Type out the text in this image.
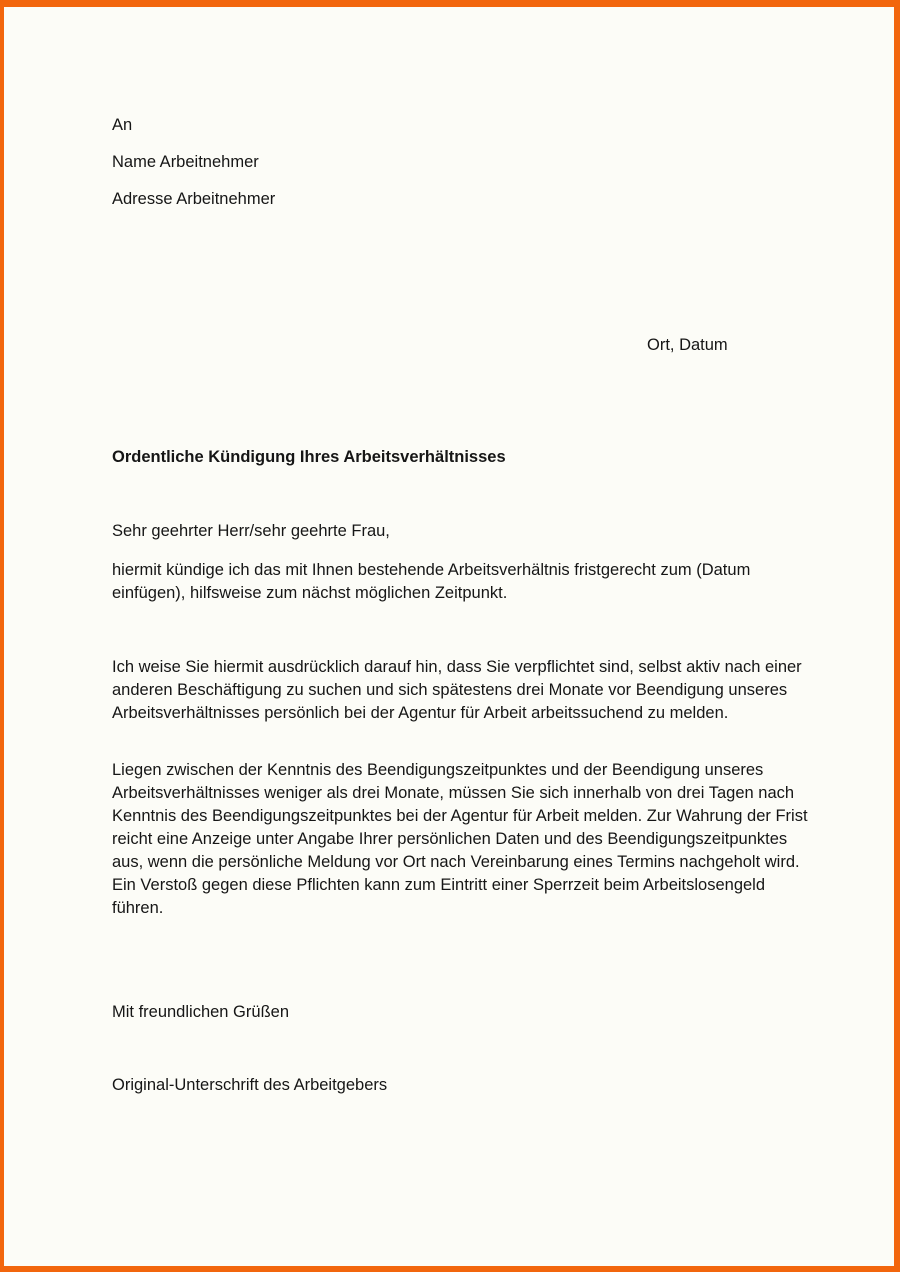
An
Name Arbeitnehmer
Adresse Arbeitnehmer
Ort, Datum
Ordentliche Kündigung Ihres Arbeitsverhältnisses
Sehr geehrter Herr/sehr geehrte Frau,
hiermit kündige ich das mit Ihnen bestehende Arbeitsverhältnis fristgerecht zum (Datum einfügen), hilfsweise zum nächst möglichen Zeitpunkt.
Ich weise Sie hiermit ausdrücklich darauf hin, dass Sie verpflichtet sind, selbst aktiv nach einer anderen Beschäftigung zu suchen und sich spätestens drei Monate vor Beendigung unseres Arbeitsverhältnisses persönlich bei der Agentur für Arbeit arbeitssuchend zu melden.
Liegen zwischen der Kenntnis des Beendigungszeitpunktes und der Beendigung unseres Arbeitsverhältnisses weniger als drei Monate, müssen Sie sich innerhalb von drei Tagen nach Kenntnis des Beendigungszeitpunktes bei der Agentur für Arbeit melden. Zur Wahrung der Frist reicht eine Anzeige unter Angabe Ihrer persönlichen Daten und des Beendigungszeitpunktes aus, wenn die persönliche Meldung vor Ort nach Vereinbarung eines Termins nachgeholt wird. Ein Verstoß gegen diese Pflichten kann zum Eintritt einer Sperrzeit beim Arbeitslosengeld führen.
Mit freundlichen Grüßen
Original-Unterschrift des Arbeitgebers
